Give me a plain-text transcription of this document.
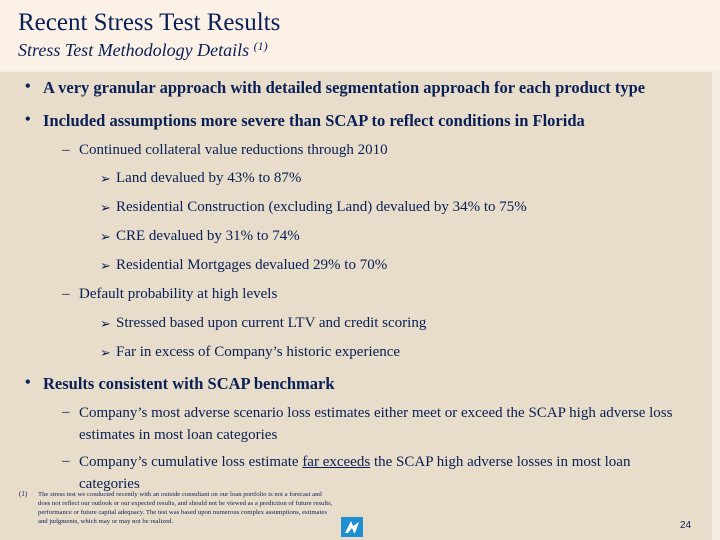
Recent Stress Test Results
Stress Test Methodology Details $^{(1)}$
• A very granular approach with detailed segmentation approach for each product type
• Included assumptions more severe than SCAP to reflect conditions in Florida
– Continued collateral value reductions through 2010
➢ Land devalued by 43% to 87%
➢ Residential Construction (excluding Land) devalued by 34% to 75%
➢ CRE devalued by 31% to 74%
➢ Residential Mortgages devalued 29% to 70%
– Default probability at high levels
➢ Stressed based upon current LTV and credit scoring
➢ Far in excess of Company’s historic experience
• Results consistent with SCAP benchmark
– Company’s most adverse scenario loss estimates either meet or exceed the SCAP high adverse loss estimates in most loan categories
– Company’s cumulative loss estimate far exceeds the SCAP high adverse losses in most loan categories
(1) The stress test we conducted recently with an outside consultant on our loan portfolio is not a forecast and does not reflect our outlook or our expected results, and should not be viewed as a prediction of future results, performance or future capital adequacy. The test was based upon numerous complex assumptions, estimates and judgments, which may or may not be realized.	24
